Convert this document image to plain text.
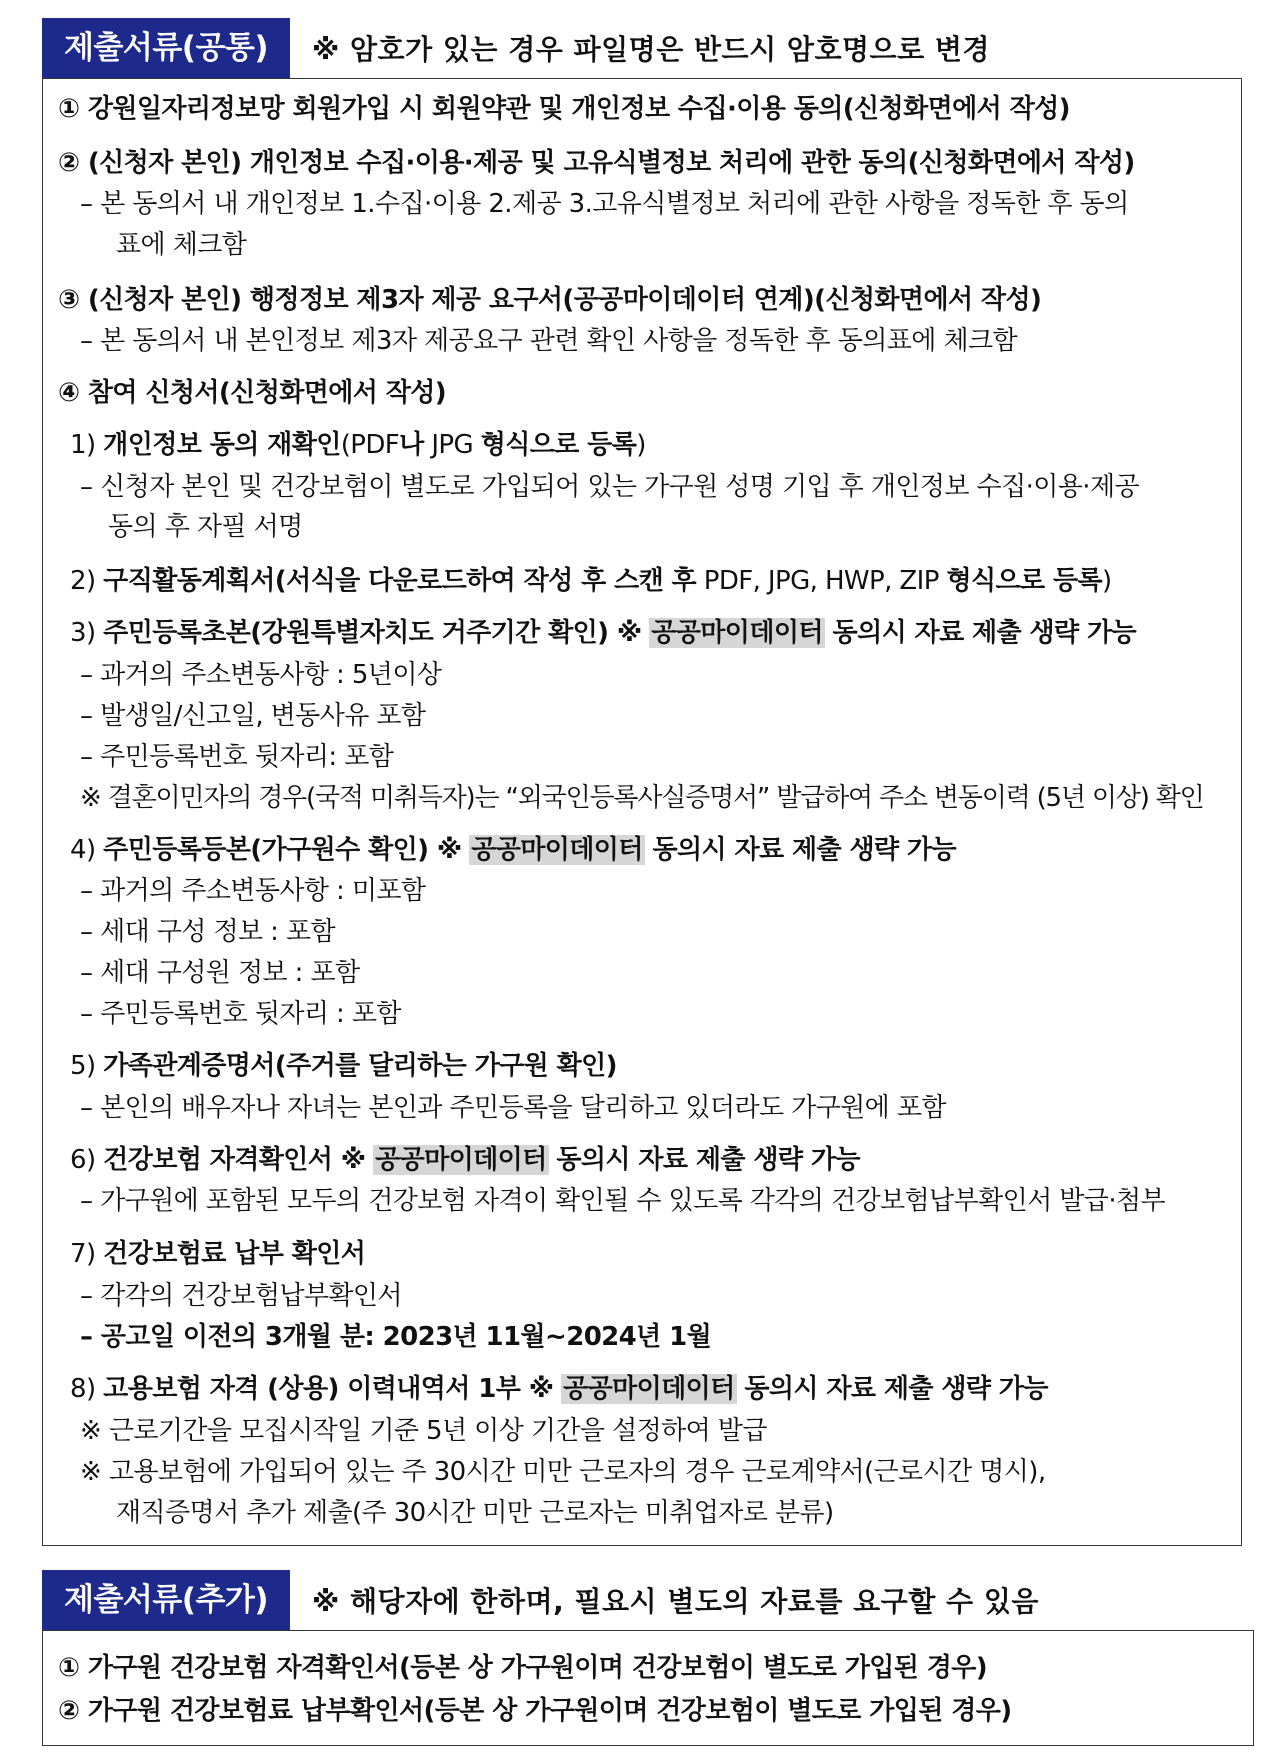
제출서류(공통)	※ 암호가 있는 경우 파일명은 반드시 암호명으로 변경
① 강원일자리정보망 회원가입 시 회원약관 및 개인정보 수집·이용 동의(신청화면에서 작성)
② (신청자 본인) 개인정보 수집·이용·제공 및 고유식별정보 처리에 관한 동의(신청화면에서 작성)
– 본 동의서 내 개인정보 1.수집·이용 2.제공 3.고유식별정보 처리에 관한 사항을 정독한 후 동의
표에 체크함
③ (신청자 본인) 행정정보 제3자 제공 요구서(공공마이데이터 연계)(신청화면에서 작성)
– 본 동의서 내 본인정보 제3자 제공요구 관련 확인 사항을 정독한 후 동의표에 체크함
④ 참여 신청서(신청화면에서 작성)
1) 개인정보 동의 재확인(PDF나 JPG 형식으로 등록)
– 신청자 본인 및 건강보험이 별도로 가입되어 있는 가구원 성명 기입 후 개인정보 수집·이용·제공
동의 후 자필 서명
2) 구직활동계획서(서식을 다운로드하여 작성 후 스캔 후 PDF, JPG, HWP, ZIP 형식으로 등록)
3) 주민등록초본(강원특별자치도 거주기간 확인) ※ 공공마이데이터 동의시 자료 제출 생략 가능
– 과거의 주소변동사항 : 5년이상
– 발생일/신고일, 변동사유 포함
– 주민등록번호 뒷자리: 포함
※ 결혼이민자의 경우(국적 미취득자)는 “외국인등록사실증명서” 발급하여 주소 변동이력 (5년 이상) 확인
4) 주민등록등본(가구원수 확인) ※ 공공마이데이터 동의시 자료 제출 생략 가능
– 과거의 주소변동사항 : 미포함
– 세대 구성 정보 : 포함
– 세대 구성원 정보 : 포함
– 주민등록번호 뒷자리 : 포함
5) 가족관계증명서(주거를 달리하는 가구원 확인)
– 본인의 배우자나 자녀는 본인과 주민등록을 달리하고 있더라도 가구원에 포함
6) 건강보험 자격확인서 ※ 공공마이데이터 동의시 자료 제출 생략 가능
– 가구원에 포함된 모두의 건강보험 자격이 확인될 수 있도록 각각의 건강보험납부확인서 발급·첨부
7) 건강보험료 납부 확인서
– 각각의 건강보험납부확인서
– 공고일 이전의 3개월 분: 2023년 11월~2024년 1월
8) 고용보험 자격 (상용) 이력내역서 1부 ※ 공공마이데이터 동의시 자료 제출 생략 가능
※ 근로기간을 모집시작일 기준 5년 이상 기간을 설정하여 발급
※ 고용보험에 가입되어 있는 주 30시간 미만 근로자의 경우 근로계약서(근로시간 명시),
재직증명서 추가 제출(주 30시간 미만 근로자는 미취업자로 분류)
제출서류(추가)	※ 해당자에 한하며, 필요시 별도의 자료를 요구할 수 있음
① 가구원 건강보험 자격확인서(등본 상 가구원이며 건강보험이 별도로 가입된 경우)
② 가구원 건강보험료 납부확인서(등본 상 가구원이며 건강보험이 별도로 가입된 경우)
